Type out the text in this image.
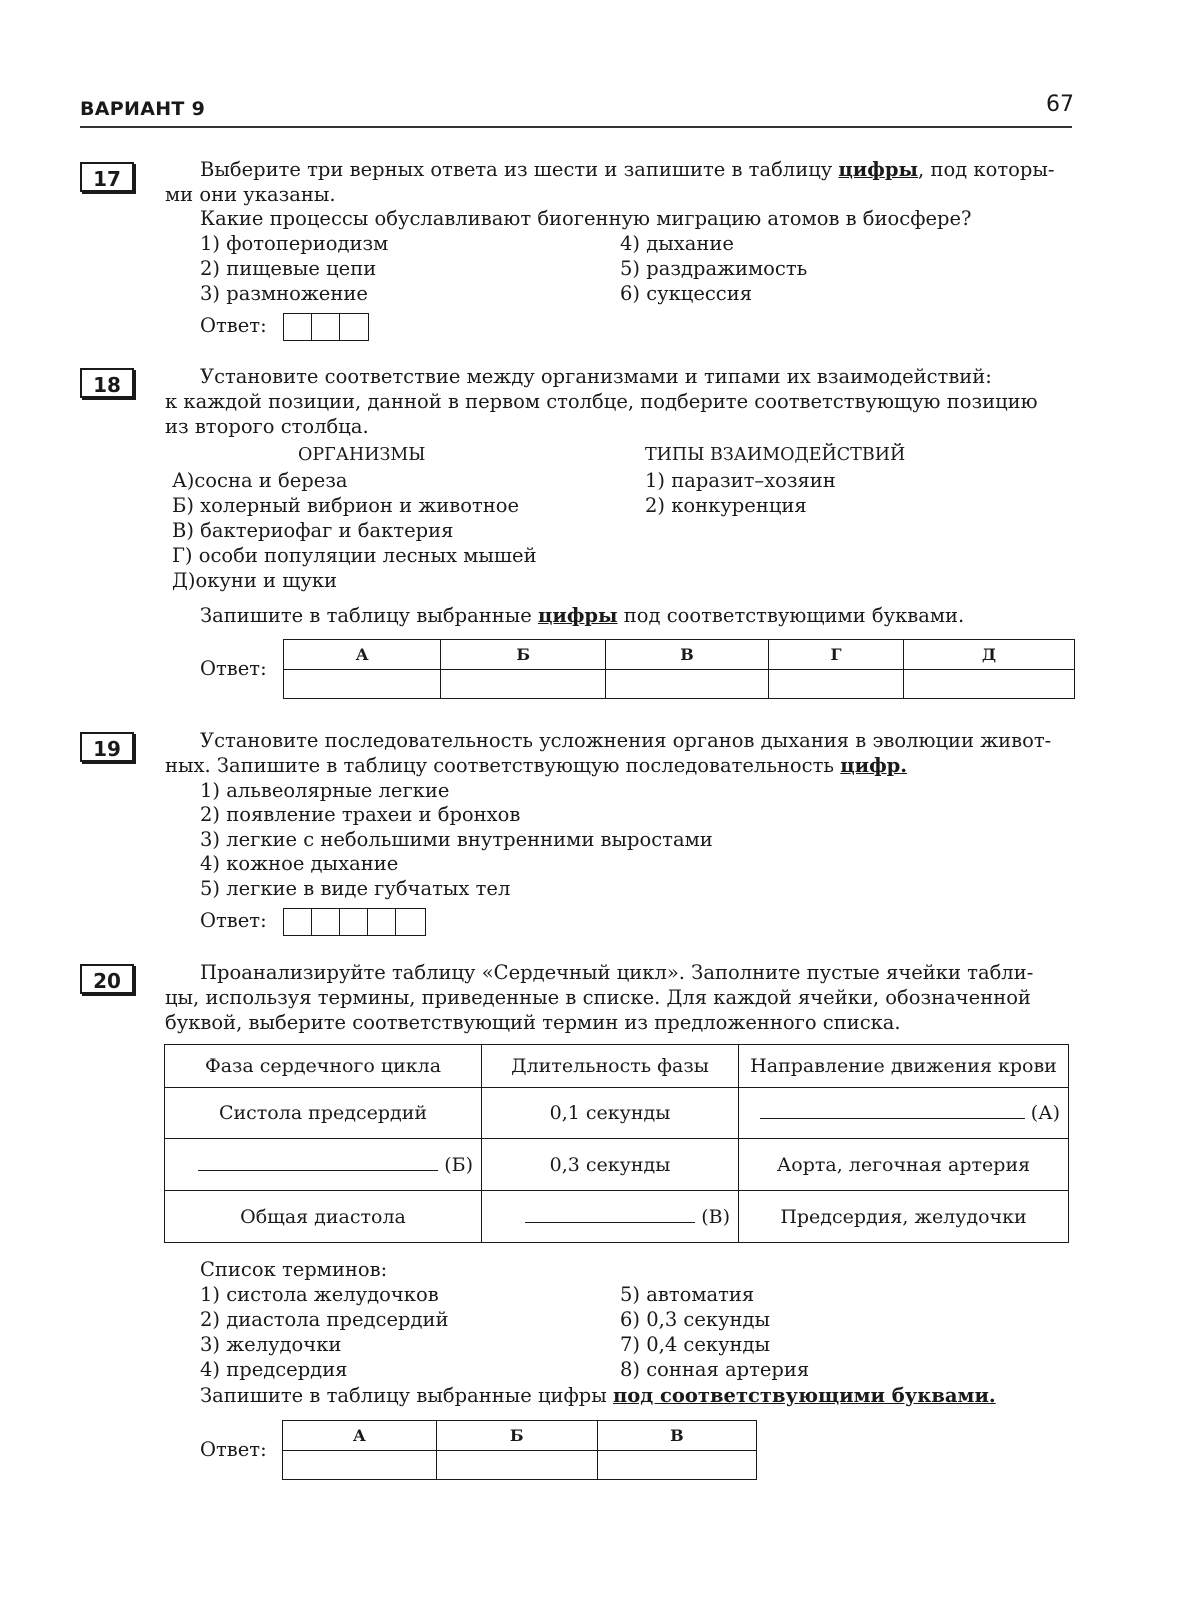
ВАРИАНТ 9	67
17	Выберите три верных ответа из шести и запишите в таблицу цифры, под которы-
ми они указаны.
Какие процессы обуславливают биогенную миграцию атомов в биосфере?
1) фотопериодизм
2) пищевые цепи
3) размножение
4) дыхание
5) раздражимость
6) сукцессия
Ответ:
18	Установите соответствие между организмами и типами их взаимодействий:
к каждой позиции, данной в первом столбце, подберите соответствующую позицию
из второго столбца.
ОРГАНИЗМЫ	ТИПЫ ВЗАИМОДЕЙСТВИЙ
А)сосна и береза
Б) холерный вибрион и животное
В) бактериофаг и бактерия
Г) особи популяции лесных мышей
Д)окуни и щуки
1) паразит–хозяин
2) конкуренция
Запишите в таблицу выбранные цифры под соответствующими буквами.
Ответ:
А	Б	В	Г	Д

19	Установите последовательность усложнения органов дыхания в эволюции живот-
ных. Запишите в таблицу соответствующую последовательность цифр.
1) альвеолярные легкие
2) появление трахеи и бронхов
3) легкие с небольшими внутренними выростами
4) кожное дыхание
5) легкие в виде губчатых тел
Ответ:
20	Проанализируйте таблицу «Сердечный цикл». Заполните пустые ячейки табли-
цы, используя термины, приведенные в списке. Для каждой ячейки, обозначенной
буквой, выберите соответствующий термин из предложенного списка.
Фаза сердечного цикла	Длительность фазы	Направление движения крови
Систола предсердий	0,1 секунды	(А)
(Б)	0,3 секунды	Аорта, легочная артерия
Общая диастола	(В)	Предсердия, желудочки
Список терминов:
1) систола желудочков
2) диастола предсердий
3) желудочки
4) предсердия
5) автоматия
6) 0,3 секунды
7) 0,4 секунды
8) сонная артерия
Запишите в таблицу выбранные цифры под соответствующими буквами.
Ответ:
А	Б	В
